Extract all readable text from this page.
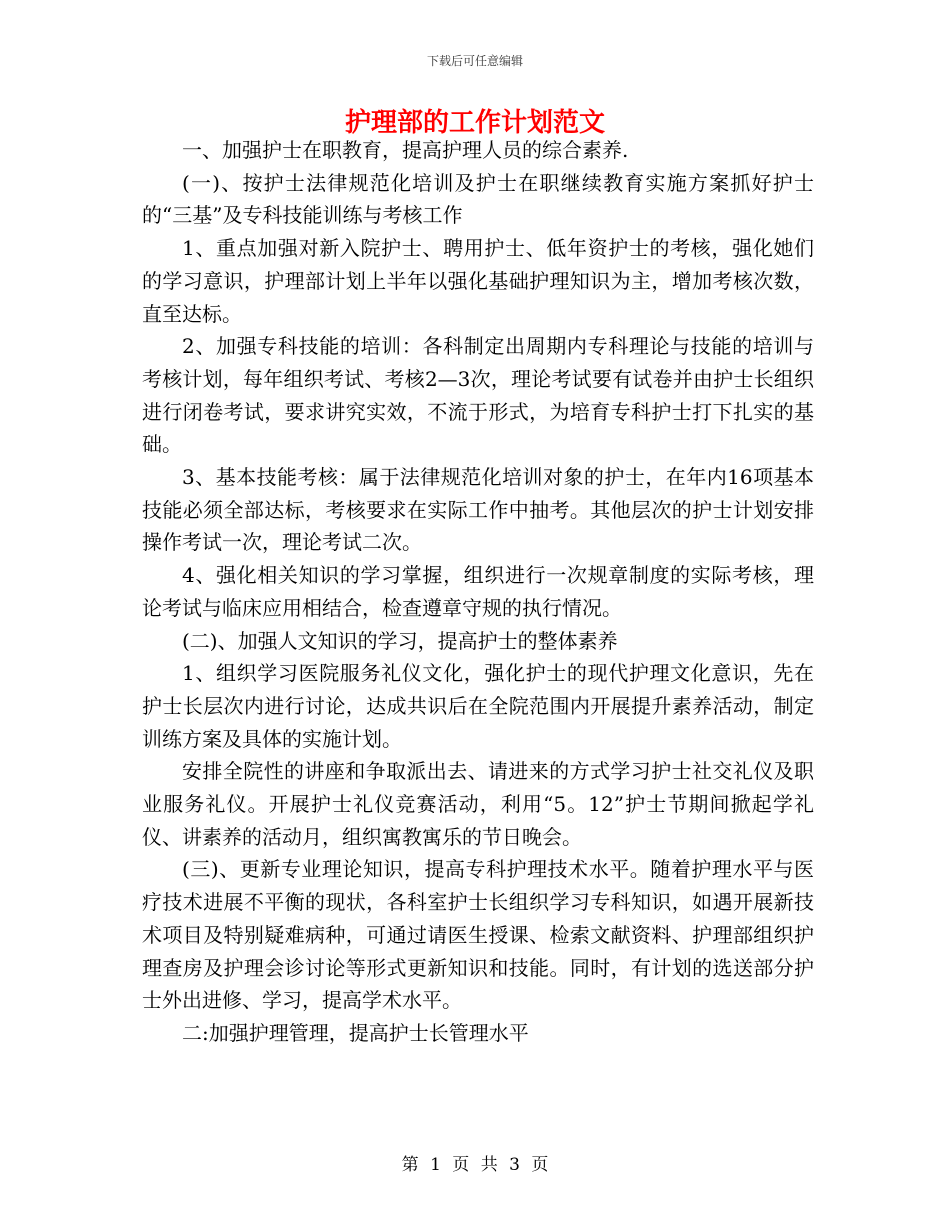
下载后可任意编辑
护理部的工作计划范文

一、加强护士在职教育，提高护理人员的综合素养.

(一)、按护士法律规范化培训及护士在职继续教育实施方案抓好护士的“三基”及专科技能训练与考核工作

1、重点加强对新入院护士、聘用护士、低年资护士的考核，强化她们的学习意识，护理部计划上半年以强化基础护理知识为主，增加考核次数，直至达标。

2、加强专科技能的培训：各科制定出周期内专科理论与技能的培训与考核计划，每年组织考试、考核2—3次，理论考试要有试卷并由护士长组织进行闭卷考试，要求讲究实效，不流于形式，为培育专科护士打下扎实的基础。

3、基本技能考核：属于法律规范化培训对象的护士，在年内16项基本技能必须全部达标，考核要求在实际工作中抽考。其他层次的护士计划安排操作考试一次，理论考试二次。

4、强化相关知识的学习掌握，组织进行一次规章制度的实际考核，理论考试与临床应用相结合，检查遵章守规的执行情况。

(二)、加强人文知识的学习，提高护士的整体素养

1、组织学习医院服务礼仪文化，强化护士的现代护理文化意识，先在护士长层次内进行讨论，达成共识后在全院范围内开展提升素养活动，制定训练方案及具体的实施计划。

安排全院性的讲座和争取派出去、请进来的方式学习护士社交礼仪及职业服务礼仪。开展护士礼仪竞赛活动，利用“5。12”护士节期间掀起学礼仪、讲素养的活动月，组织寓教寓乐的节日晚会。

(三)、更新专业理论知识，提高专科护理技术水平。随着护理水平与医疗技术进展不平衡的现状，各科室护士长组织学习专科知识，如遇开展新技术项目及特别疑难病种，可通过请医生授课、检索文献资料、护理部组织护理查房及护理会诊讨论等形式更新知识和技能。同时，有计划的选送部分护士外出进修、学习，提高学术水平。

二:加强护理管理，提高护士长管理水平

第 1 页 共 3 页
